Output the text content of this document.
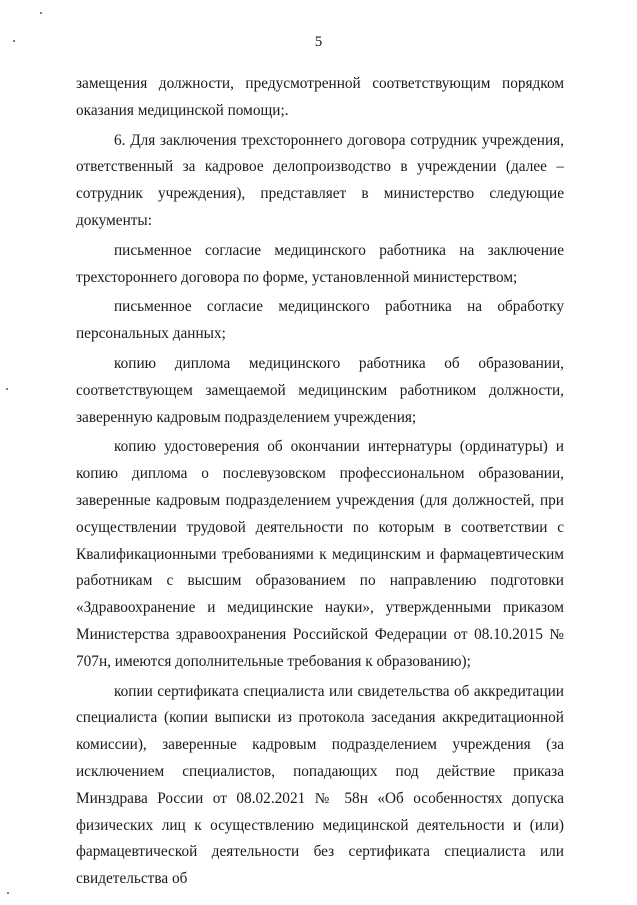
5

замещения должности, предусмотренной соответствующим порядком оказания медицинской помощи;.

6. Для заключения трехстороннего договора сотрудник учреждения, ответственный за кадровое делопроизводство в учреждении (далее – сотрудник учреждения), представляет в министерство следующие документы:

письменное согласие медицинского работника на заключение трехстороннего договора по форме, установленной министерством;

письменное согласие медицинского работника на обработку персональных данных;

копию диплома медицинского работника об образовании, соответствующем замещаемой медицинским работником должности, заверенную кадровым подразделением учреждения;

копию удостоверения об окончании интернатуры (ординатуры) и копию диплома о послевузовском профессиональном образовании, заверенные кадровым подразделением учреждения (для должностей, при осуществлении трудовой деятельности по которым в соответствии с Квалификационными требованиями к медицинским и фармацевтическим работникам с высшим образованием по направлению подготовки «Здравоохранение и медицинские науки», утвержденными приказом Министерства здравоохранения Российской Федерации от 08.10.2015 № 707н, имеются дополнительные требования к образованию);

копии сертификата специалиста или свидетельства об аккредитации специалиста (копии выписки из протокола заседания аккредитационной комиссии), заверенные кадровым подразделением учреждения (за исключением специалистов, попадающих под действие приказа Минздрава России от 08.02.2021 № 58н «Об особенностях допуска физических лиц к осуществлению медицинской деятельности и (или) фармацевтической деятельности без сертификата специалиста или свидетельства об
